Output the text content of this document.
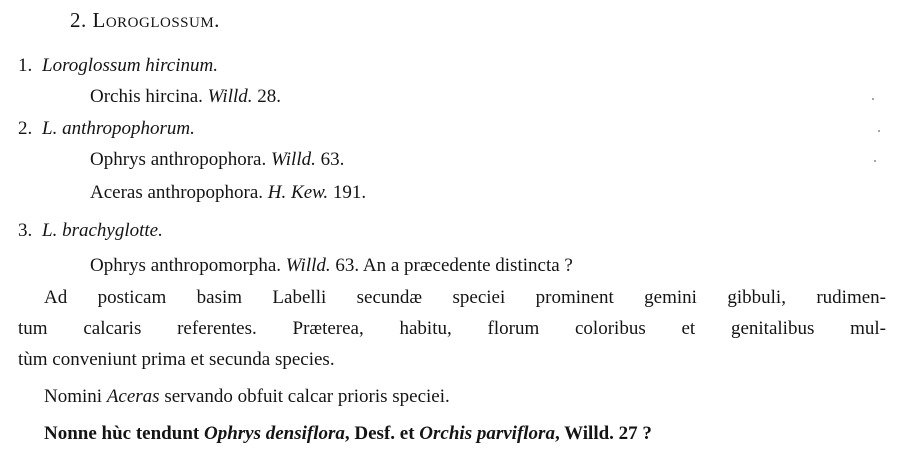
2. Loroglossum.
1. Loroglossum hircinum.
Orchis hircina. Willd. 28.
2. L. anthropophorum.
Ophrys anthropophora. Willd. 63.
Aceras anthropophora. H. Kew. 191.
3. L. brachyglotte.
Ophrys anthropomorpha. Willd. 63. An a præcedente distincta ?
Ad posticam basim Labelli secundæ speciei prominent gemini gibbuli, rudimen-
tum calcaris referentes. Præterea, habitu, florum coloribus et genitalibus mul-
tùm conveniunt prima et secunda species.
Nomini Aceras servando obfuit calcar prioris speciei.
Nonne hùc tendunt Ophrys densiflora, Desf. et Orchis parviflora, Willd. 27 ?
